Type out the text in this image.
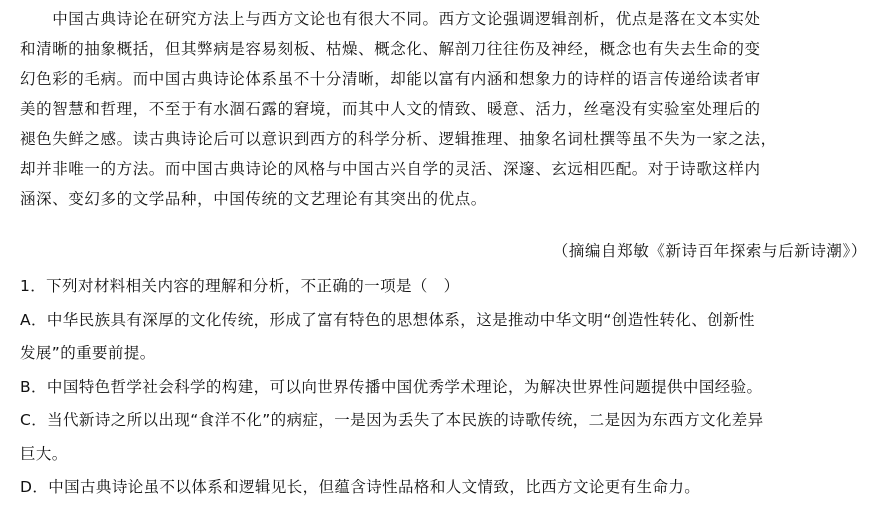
　　中国古典诗论在研究方法上与西方文论也有很大不同。西方文论强调逻辑剖析，优点是落在文本实处
和清晰的抽象概括，但其弊病是容易刻板、枯燥、概念化、解剖刀往往伤及神经，概念也有失去生命的变
幻色彩的毛病。而中国古典诗论体系虽不十分清晰，却能以富有内涵和想象力的诗样的语言传递给读者审
美的智慧和哲理，不至于有水涸石露的窘境，而其中人文的情致、暖意、活力，丝毫没有实验室处理后的
褪色失鲜之感。读古典诗论后可以意识到西方的科学分析、逻辑推理、抽象名词杜撰等虽不失为一家之法，
却并非唯一的方法。而中国古典诗论的风格与中国古兴自学的灵活、深邃、玄远相匹配。对于诗歌这样内
涵深、变幻多的文学品种，中国传统的文艺理论有其突出的优点。
（摘编自郑敏《新诗百年探索与后新诗潮》）
1．下列对材料相关内容的理解和分析，不正确的一项是（　）
A．中华民族具有深厚的文化传统，形成了富有特色的思想体系，这是推动中华文明“创造性转化、创新性
发展”的重要前提。
B．中国特色哲学社会科学的构建，可以向世界传播中国优秀学术理论，为解决世界性问题提供中国经验。
C．当代新诗之所以出现“食洋不化”的病症，一是因为丢失了本民族的诗歌传统，二是因为东西方文化差异
巨大。
D．中国古典诗论虽不以体系和逻辑见长，但蕴含诗性品格和人文情致，比西方文论更有生命力。
